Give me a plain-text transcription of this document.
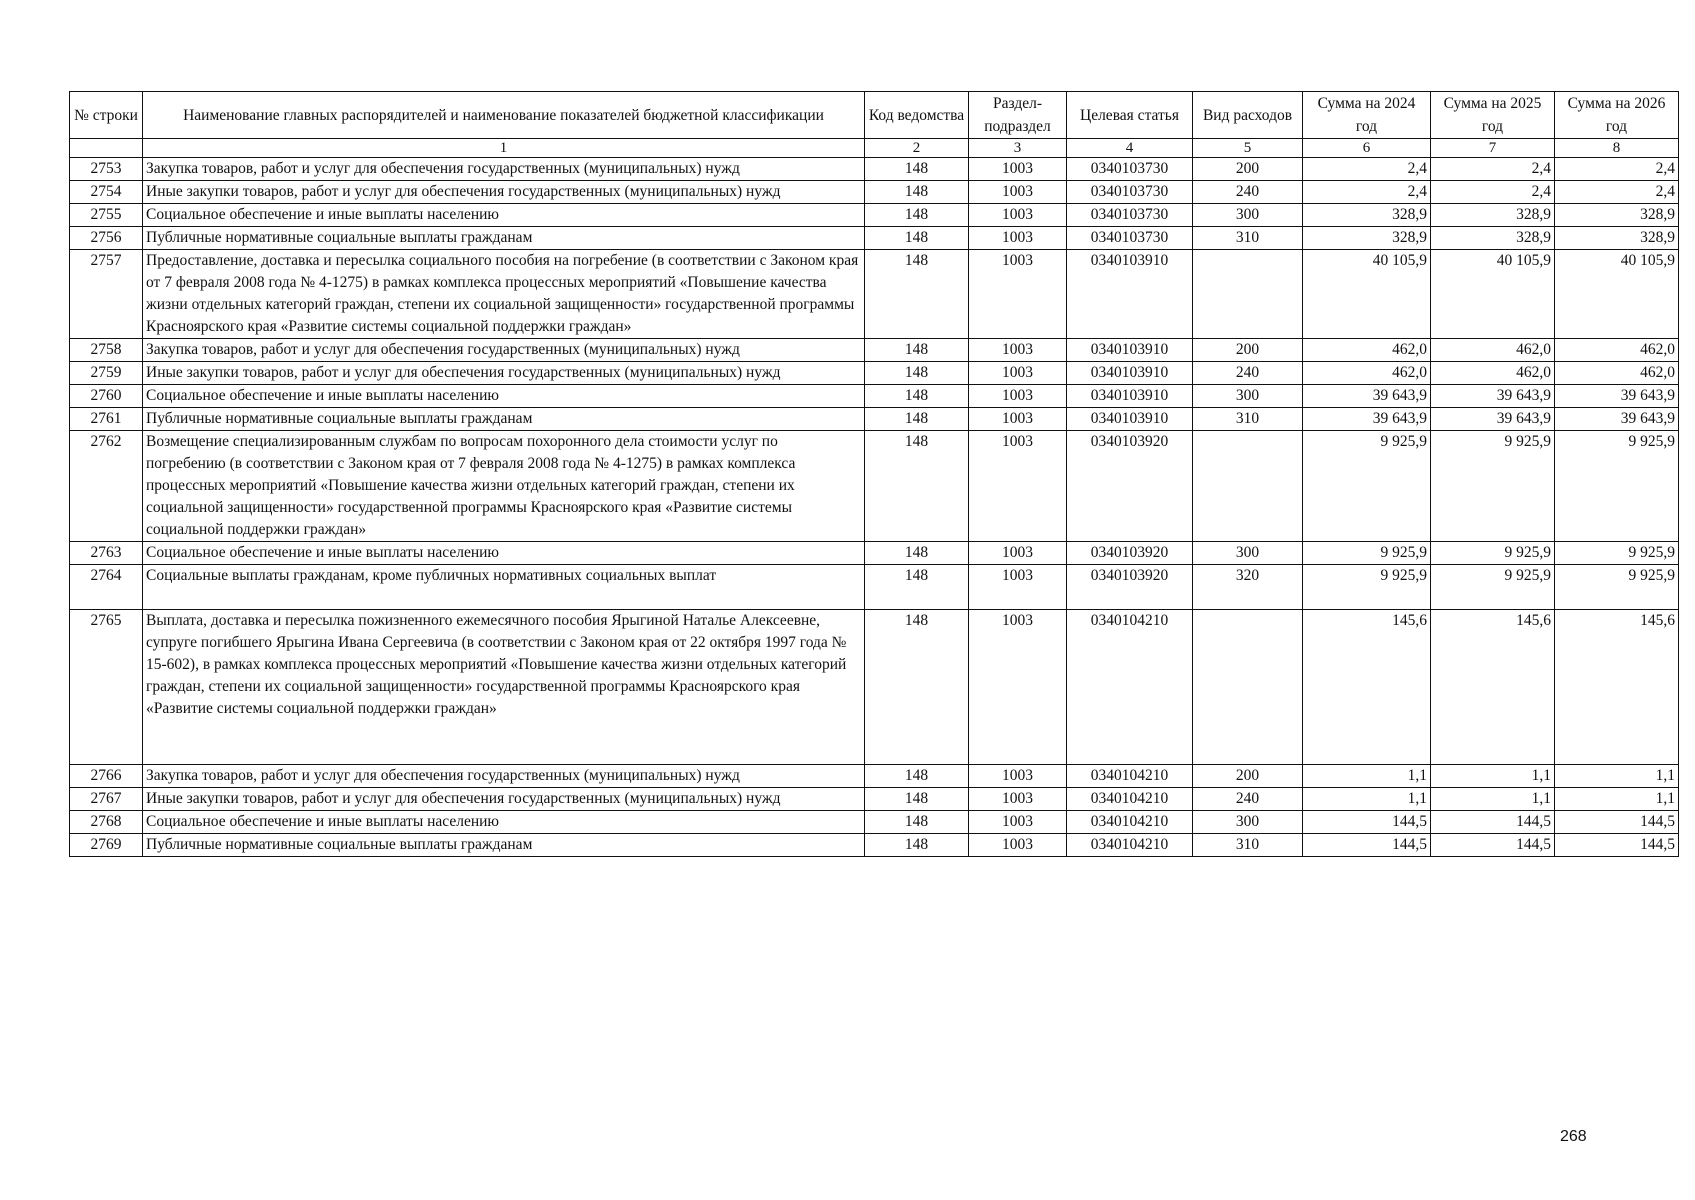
№ строки	Наименование главных распорядителей и наименование показателей бюджетной классификации	Код ведомства	Раздел-подраздел	Целевая статья	Вид расходов	Сумма на 2024 год	Сумма на 2025 год	Сумма на 2026 год
	1	2	3	4	5	6	7	8
2753	Закупка товаров, работ и услуг для обеспечения государственных (муниципальных) нужд	148	1003	0340103730	200	2,4	2,4	2,4
2754	Иные закупки товаров, работ и услуг для обеспечения государственных (муниципальных) нужд	148	1003	0340103730	240	2,4	2,4	2,4
2755	Социальное обеспечение и иные выплаты населению	148	1003	0340103730	300	328,9	328,9	328,9
2756	Публичные нормативные социальные выплаты гражданам	148	1003	0340103730	310	328,9	328,9	328,9
2757	Предоставление, доставка и пересылка социального пособия на погребение (в соответствии с Законом края от 7 февраля 2008 года № 4-1275) в рамках комплекса процессных мероприятий «Повышение качества жизни отдельных категорий граждан, степени их социальной защищенности» государственной программы Красноярского края «Развитие системы социальной поддержки граждан»	148	1003	0340103910		40 105,9	40 105,9	40 105,9
2758	Закупка товаров, работ и услуг для обеспечения государственных (муниципальных) нужд	148	1003	0340103910	200	462,0	462,0	462,0
2759	Иные закупки товаров, работ и услуг для обеспечения государственных (муниципальных) нужд	148	1003	0340103910	240	462,0	462,0	462,0
2760	Социальное обеспечение и иные выплаты населению	148	1003	0340103910	300	39 643,9	39 643,9	39 643,9
2761	Публичные нормативные социальные выплаты гражданам	148	1003	0340103910	310	39 643,9	39 643,9	39 643,9
2762	Возмещение специализированным службам по вопросам похоронного дела стоимости услуг по погребению (в соответствии с Законом края от 7 февраля 2008 года № 4-1275) в рамках комплекса процессных мероприятий «Повышение качества жизни отдельных категорий граждан, степени их социальной защищенности» государственной программы Красноярского края «Развитие системы социальной поддержки граждан»	148	1003	0340103920		9 925,9	9 925,9	9 925,9
2763	Социальное обеспечение и иные выплаты населению	148	1003	0340103920	300	9 925,9	9 925,9	9 925,9
2764	Социальные выплаты гражданам, кроме публичных нормативных социальных выплат	148	1003	0340103920	320	9 925,9	9 925,9	9 925,9
2765	Выплата, доставка и пересылка пожизненного ежемесячного пособия Ярыгиной Наталье Алексеевне, супруге погибшего Ярыгина Ивана Сергеевича (в соответствии с Законом края от 22 октября 1997 года № 15-602), в рамках комплекса процессных мероприятий «Повышение качества жизни отдельных категорий граждан, степени их социальной защищенности» государственной программы Красноярского края «Развитие системы социальной поддержки граждан»	148	1003	0340104210		145,6	145,6	145,6
2766	Закупка товаров, работ и услуг для обеспечения государственных (муниципальных) нужд	148	1003	0340104210	200	1,1	1,1	1,1
2767	Иные закупки товаров, работ и услуг для обеспечения государственных (муниципальных) нужд	148	1003	0340104210	240	1,1	1,1	1,1
2768	Социальное обеспечение и иные выплаты населению	148	1003	0340104210	300	144,5	144,5	144,5
2769	Публичные нормативные социальные выплаты гражданам	148	1003	0340104210	310	144,5	144,5	144,5
268
